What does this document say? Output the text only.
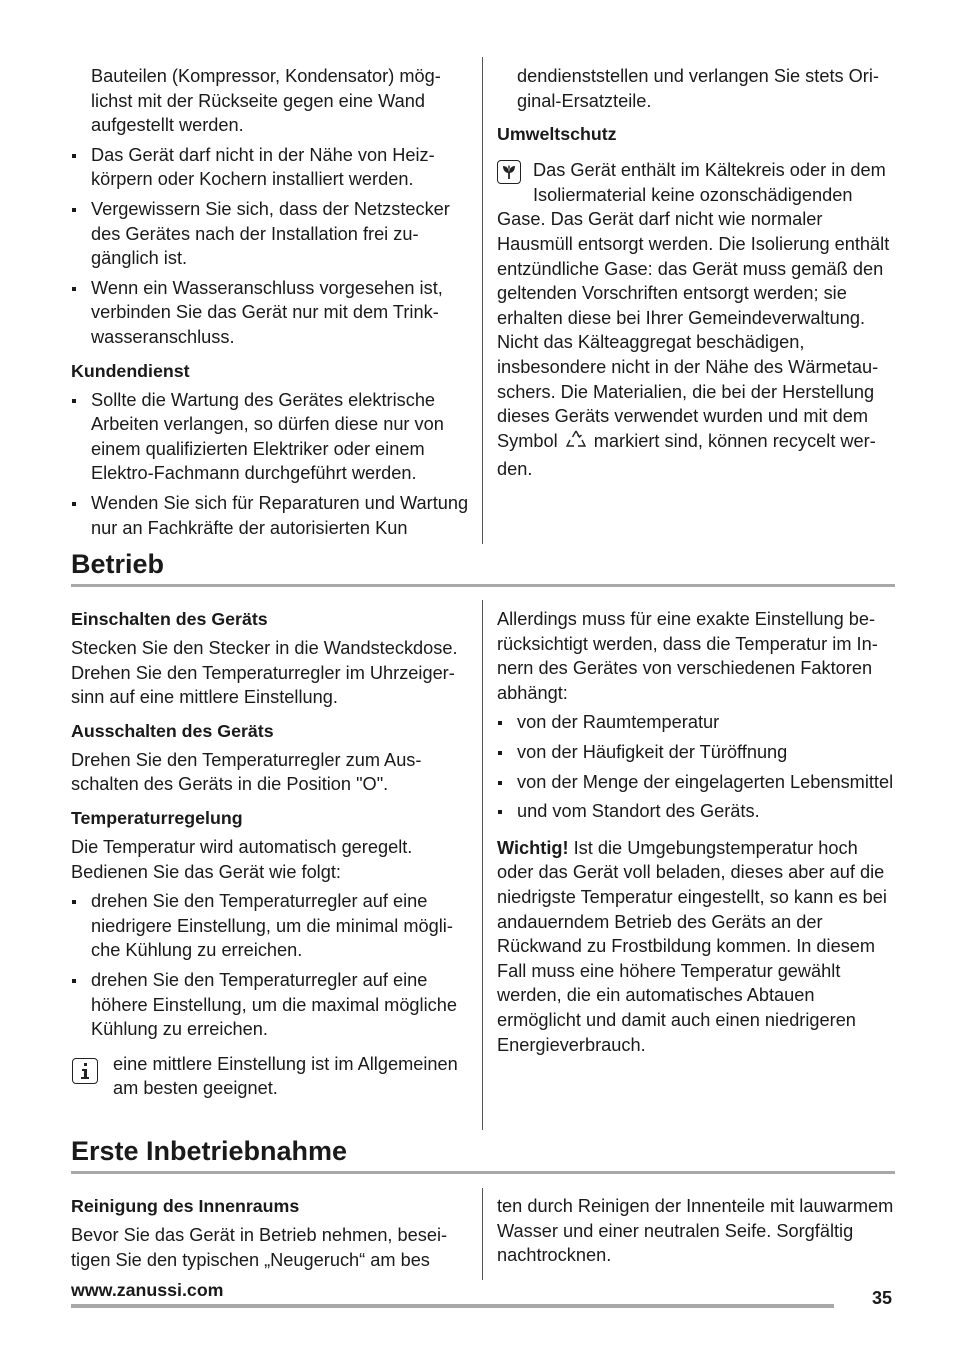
Bauteilen (Kompressor, Kondensator) möglichst mit der Rückseite gegen eine Wand aufgestellt werden.

Das Gerät darf nicht in der Nähe von Heizkörpern oder Kochern installiert werden.
Vergewissern Sie sich, dass der Netzstecker des Gerätes nach der Installation frei zugänglich ist.
Wenn ein Wasseranschluss vorgesehen ist, verbinden Sie das Gerät nur mit dem Trinkwasseranschluss.
Kundendienst
Sollte die Wartung des Gerätes elektrische Arbeiten verlangen, so dürfen diese nur von einem qualifizierten Elektriker oder einem Elektro-Fachmann durchgeführt werden.
Wenden Sie sich für Reparaturen und Wartung nur an Fachkräfte der autorisierten Kun

dendienststellen und verlangen Sie stets Original-Ersatzteile.

Umweltschutz
Das Gerät enthält im Kältekreis oder in dem Isoliermaterial keine ozonschädigenden Gase. Das Gerät darf nicht wie normaler Hausmüll entsorgt werden. Die Isolierung enthält entzündliche Gase: das Gerät muss gemäß den geltenden Vorschriften entsorgt werden; sie erhalten diese bei Ihrer Gemeindeverwaltung. Nicht das Kälteaggregat beschädigen, insbesondere nicht in der Nähe des Wärmetauschers. Die Materialien, die bei der Herstellung dieses Geräts verwendet wurden und mit dem Symbol markiert sind, können recycelt werden.
Betrieb
Einschalten des Geräts

Stecken Sie den Stecker in die Wandsteckdose.

Drehen Sie den Temperaturregler im Uhrzeigersinn auf eine mittlere Einstellung.

Ausschalten des Geräts

Drehen Sie den Temperaturregler zum Ausschalten des Geräts in die Position "O".

Temperaturregelung

Die Temperatur wird automatisch geregelt. Bedienen Sie das Gerät wie folgt:

drehen Sie den Temperaturregler auf eine niedrigere Einstellung, um die minimal mögliche Kühlung zu erreichen.
drehen Sie den Temperaturregler auf eine höhere Einstellung, um die maximal mögliche Kühlung zu erreichen.

eine mittlere Einstellung ist im Allgemeinen am besten geeignet.

Allerdings muss für eine exakte Einstellung berücksichtigt werden, dass die Temperatur im Innern des Gerätes von verschiedenen Faktoren abhängt:

von der Raumtemperatur
von der Häufigkeit der Türöffnung
von der Menge der eingelagerten Lebensmittel
und vom Standort des Geräts.

Wichtig! Ist die Umgebungstemperatur hoch oder das Gerät voll beladen, dieses aber auf die niedrigste Temperatur eingestellt, so kann es bei andauerndem Betrieb des Geräts an der Rückwand zu Frostbildung kommen. In diesem Fall muss eine höhere Temperatur gewählt werden, die ein automatisches Abtauen ermöglicht und damit auch einen niedrigeren Energieverbrauch.

Erste Inbetriebnahme
Reinigung des Innenraums

Bevor Sie das Gerät in Betrieb nehmen, beseitigen Sie den typischen „Neugeruch“ am bes

ten durch Reinigen der Innenteile mit lauwarmem Wasser und einer neutralen Seife. Sorgfältig nachtrocknen.

www.zanussi.com	35
